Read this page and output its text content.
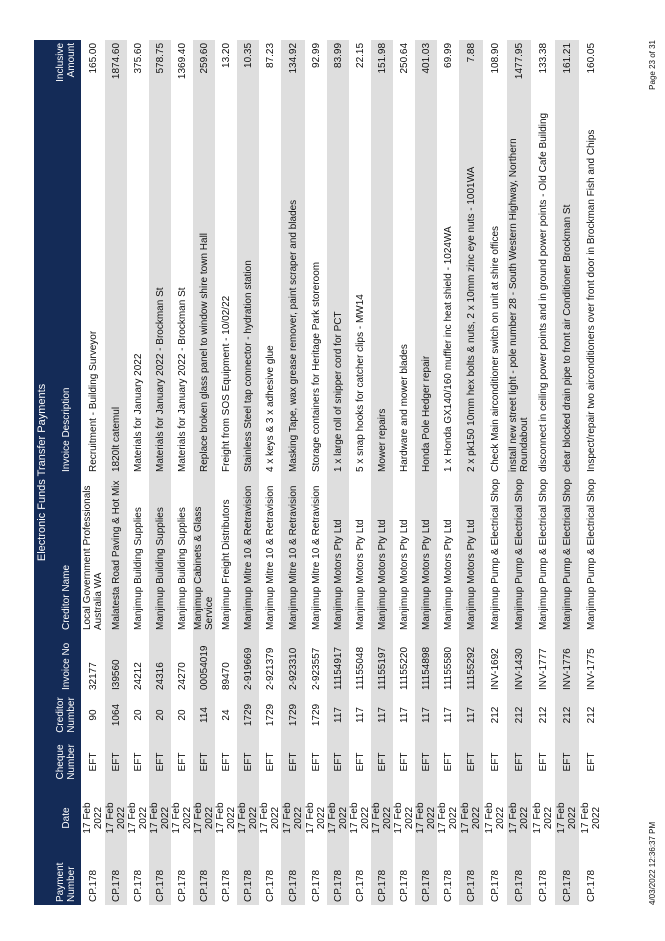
Electronic Funds Transfer Payments							
Payment Number	Date	Cheque Number	Creditor Number	Invoice No	Creditor Name	Invoice Description	Inclusive Amount
CP.178	17 Feb 2022	EFT	90	32177	Local Government Professionals Australia WA	Recruitment - Building Surveyor	165.00
CP.178	17 Feb 2022	EFT	1064	I39560	Malatesta Road Paving & Hot Mix	1820lt catemul	1874.60
CP.178	17 Feb 2022	EFT	20	24212	Manjimup Building Supplies	Materials for January 2022	375.60
CP.178	17 Feb 2022	EFT	20	24316	Manjimup Building Supplies	Materials for January 2022 - Brockman St	578.75
CP.178	17 Feb 2022	EFT	20	24270	Manjimup Building Supplies	Materials for January 2022 - Brockman St	1369.40
CP.178	17 Feb 2022	EFT	114	00054019	Manjimup Cabinets & Glass Service	Replace broken glass panel to window shire town Hall	259.60
CP.178	17 Feb 2022	EFT	24	89470	Manjimup Freight Distributors	Freight from SOS Equipment - 10/02/22	13.20
CP.178	17 Feb 2022	EFT	1729	2-919669	Manjimup Mitre 10 & Retravision	Stainless Steel tap connector - hydration station	10.35
CP.178	17 Feb 2022	EFT	1729	2-921379	Manjimup Mitre 10 & Retravision	4 x keys & 3 x adhesive glue	87.23
CP.178	17 Feb 2022	EFT	1729	2-923310	Manjimup Mitre 10 & Retravision	Masking Tape, wax grease remover, paint scraper and blades	134.92
CP.178	17 Feb 2022	EFT	1729	2-923557	Manjimup Mitre 10 & Retravision	Storage containers for Heritage Park storeroom	92.99
CP.178	17 Feb 2022	EFT	117	11154917	Manjimup Motors Pty Ltd	1 x large roll of snipper cord for PCT	83.99
CP.178	17 Feb 2022	EFT	117	11155048	Manjimup Motors Pty Ltd	5 x snap hooks for catcher clips - MW14	22.15
CP.178	17 Feb 2022	EFT	117	11155197	Manjimup Motors Pty Ltd	Mower repairs	151.98
CP.178	17 Feb 2022	EFT	117	11155220	Manjimup Motors Pty Ltd	Hardware and mower blades	250.64
CP.178	17 Feb 2022	EFT	117	11154898	Manjimup Motors Pty Ltd	Honda Pole Hedger repair	401.03
CP.178	17 Feb 2022	EFT	117	11155580	Manjimup Motors Pty Ltd	1 x Honda GX140/160 muffler inc heat shield - 1024WA	69.99
CP.178	17 Feb 2022	EFT	117	11155292	Manjimup Motors Pty Ltd	2 x pk150 10mm hex bolts & nuts, 2 x 10mm zinc eye nuts - 1001WA	7.88
CP.178	17 Feb 2022	EFT	212	INV-1692	Manjimup Pump & Electrical Shop	Check Main airconditioner switch on unit at shire offices	108.90
CP.178	17 Feb 2022	EFT	212	INV-1430	Manjimup Pump & Electrical Shop	install new street light - pole number 28 - South Western Highway, Northern Roundabout	1477.95
CP.178	17 Feb 2022	EFT	212	INV-1777	Manjimup Pump & Electrical Shop	disconnect in ceiling power points and in ground power points - Old Cafe Building	133.38
CP.178	17 Feb 2022	EFT	212	INV-1776	Manjimup Pump & Electrical Shop	clear blocked drain pipe to front air Conditioner Brockman St	161.21
CP.178	17 Feb 2022	EFT	212	INV-1775	Manjimup Pump & Electrical Shop	Inspect/repair two airconditioners over front door in Brockman Fish and Chips	160.05
4/03/2022 12:36:37 PM
Page 23 of 31
